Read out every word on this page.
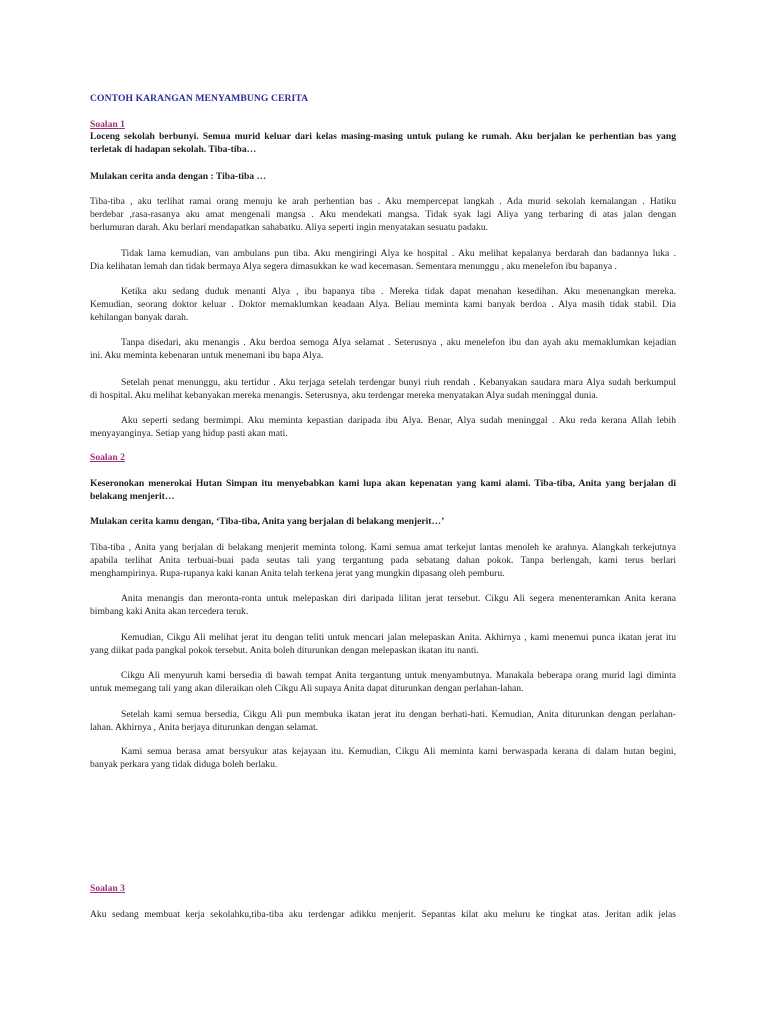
CONTOH KARANGAN MENYAMBUNG CERITA
Soalan 1
Loceng sekolah berbunyi. Semua murid keluar dari kelas masing-masing untuk pulang ke rumah. Aku berjalan ke perhentian bas yang
terletak di hadapan sekolah. Tiba-tiba…
Mulakan cerita anda dengan : Tiba-tiba …
Tiba-tiba , aku terlihat ramai orang menuju ke arah perhentian bas . Aku mempercepat langkah . Ada murid sekolah kemalangan . Hatiku
berdebar ,rasa-rasanya aku amat mengenali mangsa . Aku mendekati mangsa. Tidak syak lagi Aliya yang terbaring di atas jalan dengan
berlumuran darah. Aku berlari mendapatkan sahabatku. Aliya seperti ingin menyatakan sesuatu padaku.
Tidak lama kemudian, van ambulans pun tiba. Aku mengiringi Alya ke hospital . Aku melihat kepalanya berdarah dan badannya luka .
Dia kelihatan lemah dan tidak bermaya Alya segera dimasukkan ke wad kecemasan. Sementara menunggu , aku menelefon ibu bapanya .
Ketika aku sedang duduk menanti Alya , ibu bapanya tiba . Mereka tidak dapat menahan kesedihan. Aku menenangkan mereka.
Kemudian, seorang doktor keluar . Doktor memaklumkan keadaan Alya. Beliau meminta kami banyak berdoa . Alya masih tidak stabil. Dia
kehilangan banyak darah.
Tanpa disedari, aku menangis . Aku berdoa semoga Alya selamat . Seterusnya , aku menelefon ibu dan ayah aku memaklumkan kejadian
ini. Aku meminta kebenaran untuk menemani ibu bapa Alya.
Setelah penat menunggu, aku tertidur . Aku terjaga setelah terdengar bunyi riuh rendah . Kebanyakan saudara mara Alya sudah berkumpul
di hospital. Aku melihat kebanyakan mereka menangis. Seterusnya, aku terdengar mereka menyatakan Alya sudah meninggal dunia.
Aku seperti sedang bermimpi. Aku meminta kepastian daripada ibu Alya. Benar, Alya sudah meninggal . Aku reda kerana Allah lebih
menyayanginya. Setiap yang hidup pasti akan mati.
Soalan 2
Keseronokan menerokai Hutan Simpan itu menyebabkan kami lupa akan kepenatan yang kami alami. Tiba-tiba, Anita yang berjalan di
belakang menjerit…
Mulakan cerita kamu dengan, ‘Tiba-tiba, Anita yang berjalan di belakang menjerit…’
Tiba-tiba , Anita yang berjalan di belakang menjerit meminta tolong. Kami semua amat terkejut lantas menoleh ke arahnya. Alangkah terkejutnya
apabila terlihat Anita terbuai-buai pada seutas tali yang tergantung pada sebatang dahan pokok. Tanpa berlengah, kami terus berlari
menghampirinya. Rupa-rupanya kaki kanan Anita telah terkena jerat yang mungkin dipasang oleh pemburu.
Anita menangis dan meronta-ronta untuk melepaskan diri daripada lilitan jerat tersebut. Cikgu Ali segera menenteramkan Anita kerana
bimbang kaki Anita akan tercedera teruk.
Kemudian, Cikgu Ali melihat jerat itu dengan teliti untuk mencari jalan melepaskan Anita. Akhirnya , kami menemui punca ikatan jerat itu
yang diikat pada pangkal pokok tersebut. Anita boleh diturunkan dengan melepaskan ikatan itu nanti.
Cikgu Ali menyuruh kami bersedia di bawah tempat Anita tergantung untuk menyambutnya. Manakala beberapa orang murid lagi diminta
untuk memegang tali yang akan dileraikan oleh Cikgu Ali supaya Anita dapat diturunkan dengan perlahan-lahan.
Setelah kami semua bersedia, Cikgu Ali pun membuka ikatan jerat itu dengan berhati-hati. Kemudian, Anita diturunkan dengan perlahan-
lahan. Akhirnya , Anita berjaya diturunkan dengan selamat.
Kami semua berasa amat bersyukur atas kejayaan itu. Kemudian, Cikgu Ali meminta kami berwaspada kerana di dalam hutan begini,
banyak perkara yang tidak diduga boleh berlaku.
Soalan 3
Aku sedang membuat kerja sekolahku,tiba-tiba aku terdengar adikku menjerit. Sepantas kilat aku meluru ke tingkat atas. Jeritan adik jelas
